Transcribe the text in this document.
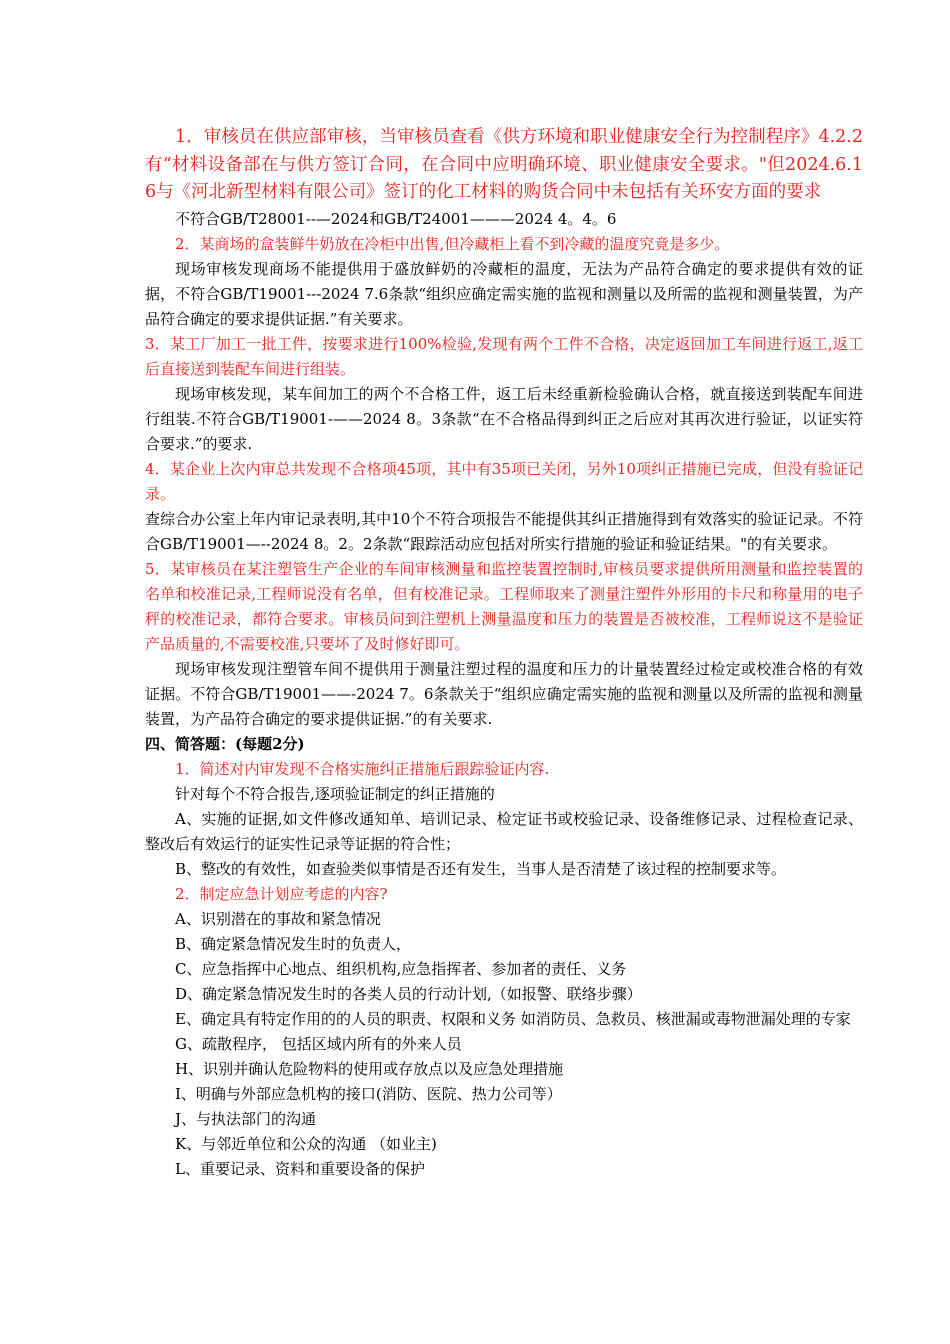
1．审核员在供应部审核，当审核员查看《供方环境和职业健康安全行为控制程序》4.2.2有“材料设备部在与供方签订合同，在合同中应明确环境、职业健康安全要求。"但2024.6.16与《河北新型材料有限公司》签订的化工材料的购货合同中未包括有关环安方面的要求

不符合GB/T28001--—2024和GB/T24001———2024 4。4。6

2．某商场的盒装鲜牛奶放在冷柜中出售,但冷藏柜上看不到冷藏的温度究竟是多少。

现场审核发现商场不能提供用于盛放鲜奶的冷藏柜的温度，无法为产品符合确定的要求提供有效的证据，不符合GB/T19001---2024 7.6条款“组织应确定需实施的监视和测量以及所需的监视和测量装置，为产品符合确定的要求提供证据.”有关要求。

3．某工厂加工一批工件，按要求进行100%检验,发现有两个工件不合格，决定返回加工车间进行返工,返工后直接送到装配车间进行组装。

现场审核发现，某车间加工的两个不合格工件，返工后未经重新检验确认合格，就直接送到装配车间进行组装.不符合GB/T19001-——2024 8。3条款“在不合格品得到纠正之后应对其再次进行验证，以证实符合要求.”的要求.

4．某企业上次内审总共发现不合格项45项，其中有35项已关闭，另外10项纠正措施已完成，但没有验证记录。

查综合办公室上年内审记录表明,其中10个不符合项报告不能提供其纠正措施得到有效落实的验证记录。不符合GB/T19001—--2024 8。2。2条款“跟踪活动应包括对所实行措施的验证和验证结果。"的有关要求。

5．某审核员在某注塑管生产企业的车间审核测量和监控装置控制时,审核员要求提供所用测量和监控装置的名单和校准记录,工程师说没有名单，但有校准记录。工程师取来了测量注塑件外形用的卡尺和称量用的电子秤的校准记录，都符合要求。审核员问到注塑机上测量温度和压力的装置是否被校准，工程师说这不是验证产品质量的,不需要校准,只要坏了及时修好即可。

现场审核发现注塑管车间不提供用于测量注塑过程的温度和压力的计量装置经过检定或校准合格的有效证据。不符合GB/T19001——-2024 7。6条款关于“组织应确定需实施的监视和测量以及所需的监视和测量装置，为产品符合确定的要求提供证据.”的有关要求.

四、简答题：(每题2分)

1．简述对内审发现不合格实施纠正措施后跟踪验证内容.

针对每个不符合报告,逐项验证制定的纠正措施的

A、实施的证据,如文件修改通知单、培训记录、检定证书或校验记录、设备维修记录、过程检查记录、整改后有效运行的证实性记录等证据的符合性；

B、整改的有效性，如查验类似事情是否还有发生，当事人是否清楚了该过程的控制要求等。

2．制定应急计划应考虑的内容?

A、识别潜在的事故和紧急情况

B、确定紧急情况发生时的负责人，

C、应急指挥中心地点、组织机构,应急指挥者、参加者的责任、义务

D、确定紧急情况发生时的各类人员的行动计划,（如报警、联络步骤）

E、确定具有特定作用的的人员的职责、权限和义务 如消防员、急救员、核泄漏或毒物泄漏处理的专家

G、疏散程序， 包括区域内所有的外来人员

H、识别并确认危险物料的使用或存放点以及应急处理措施

I、明确与外部应急机构的接口(消防、医院、热力公司等）

J、与执法部门的沟通

K、与邻近单位和公众的沟通 （如业主)

L、重要记录、资料和重要设备的保护
